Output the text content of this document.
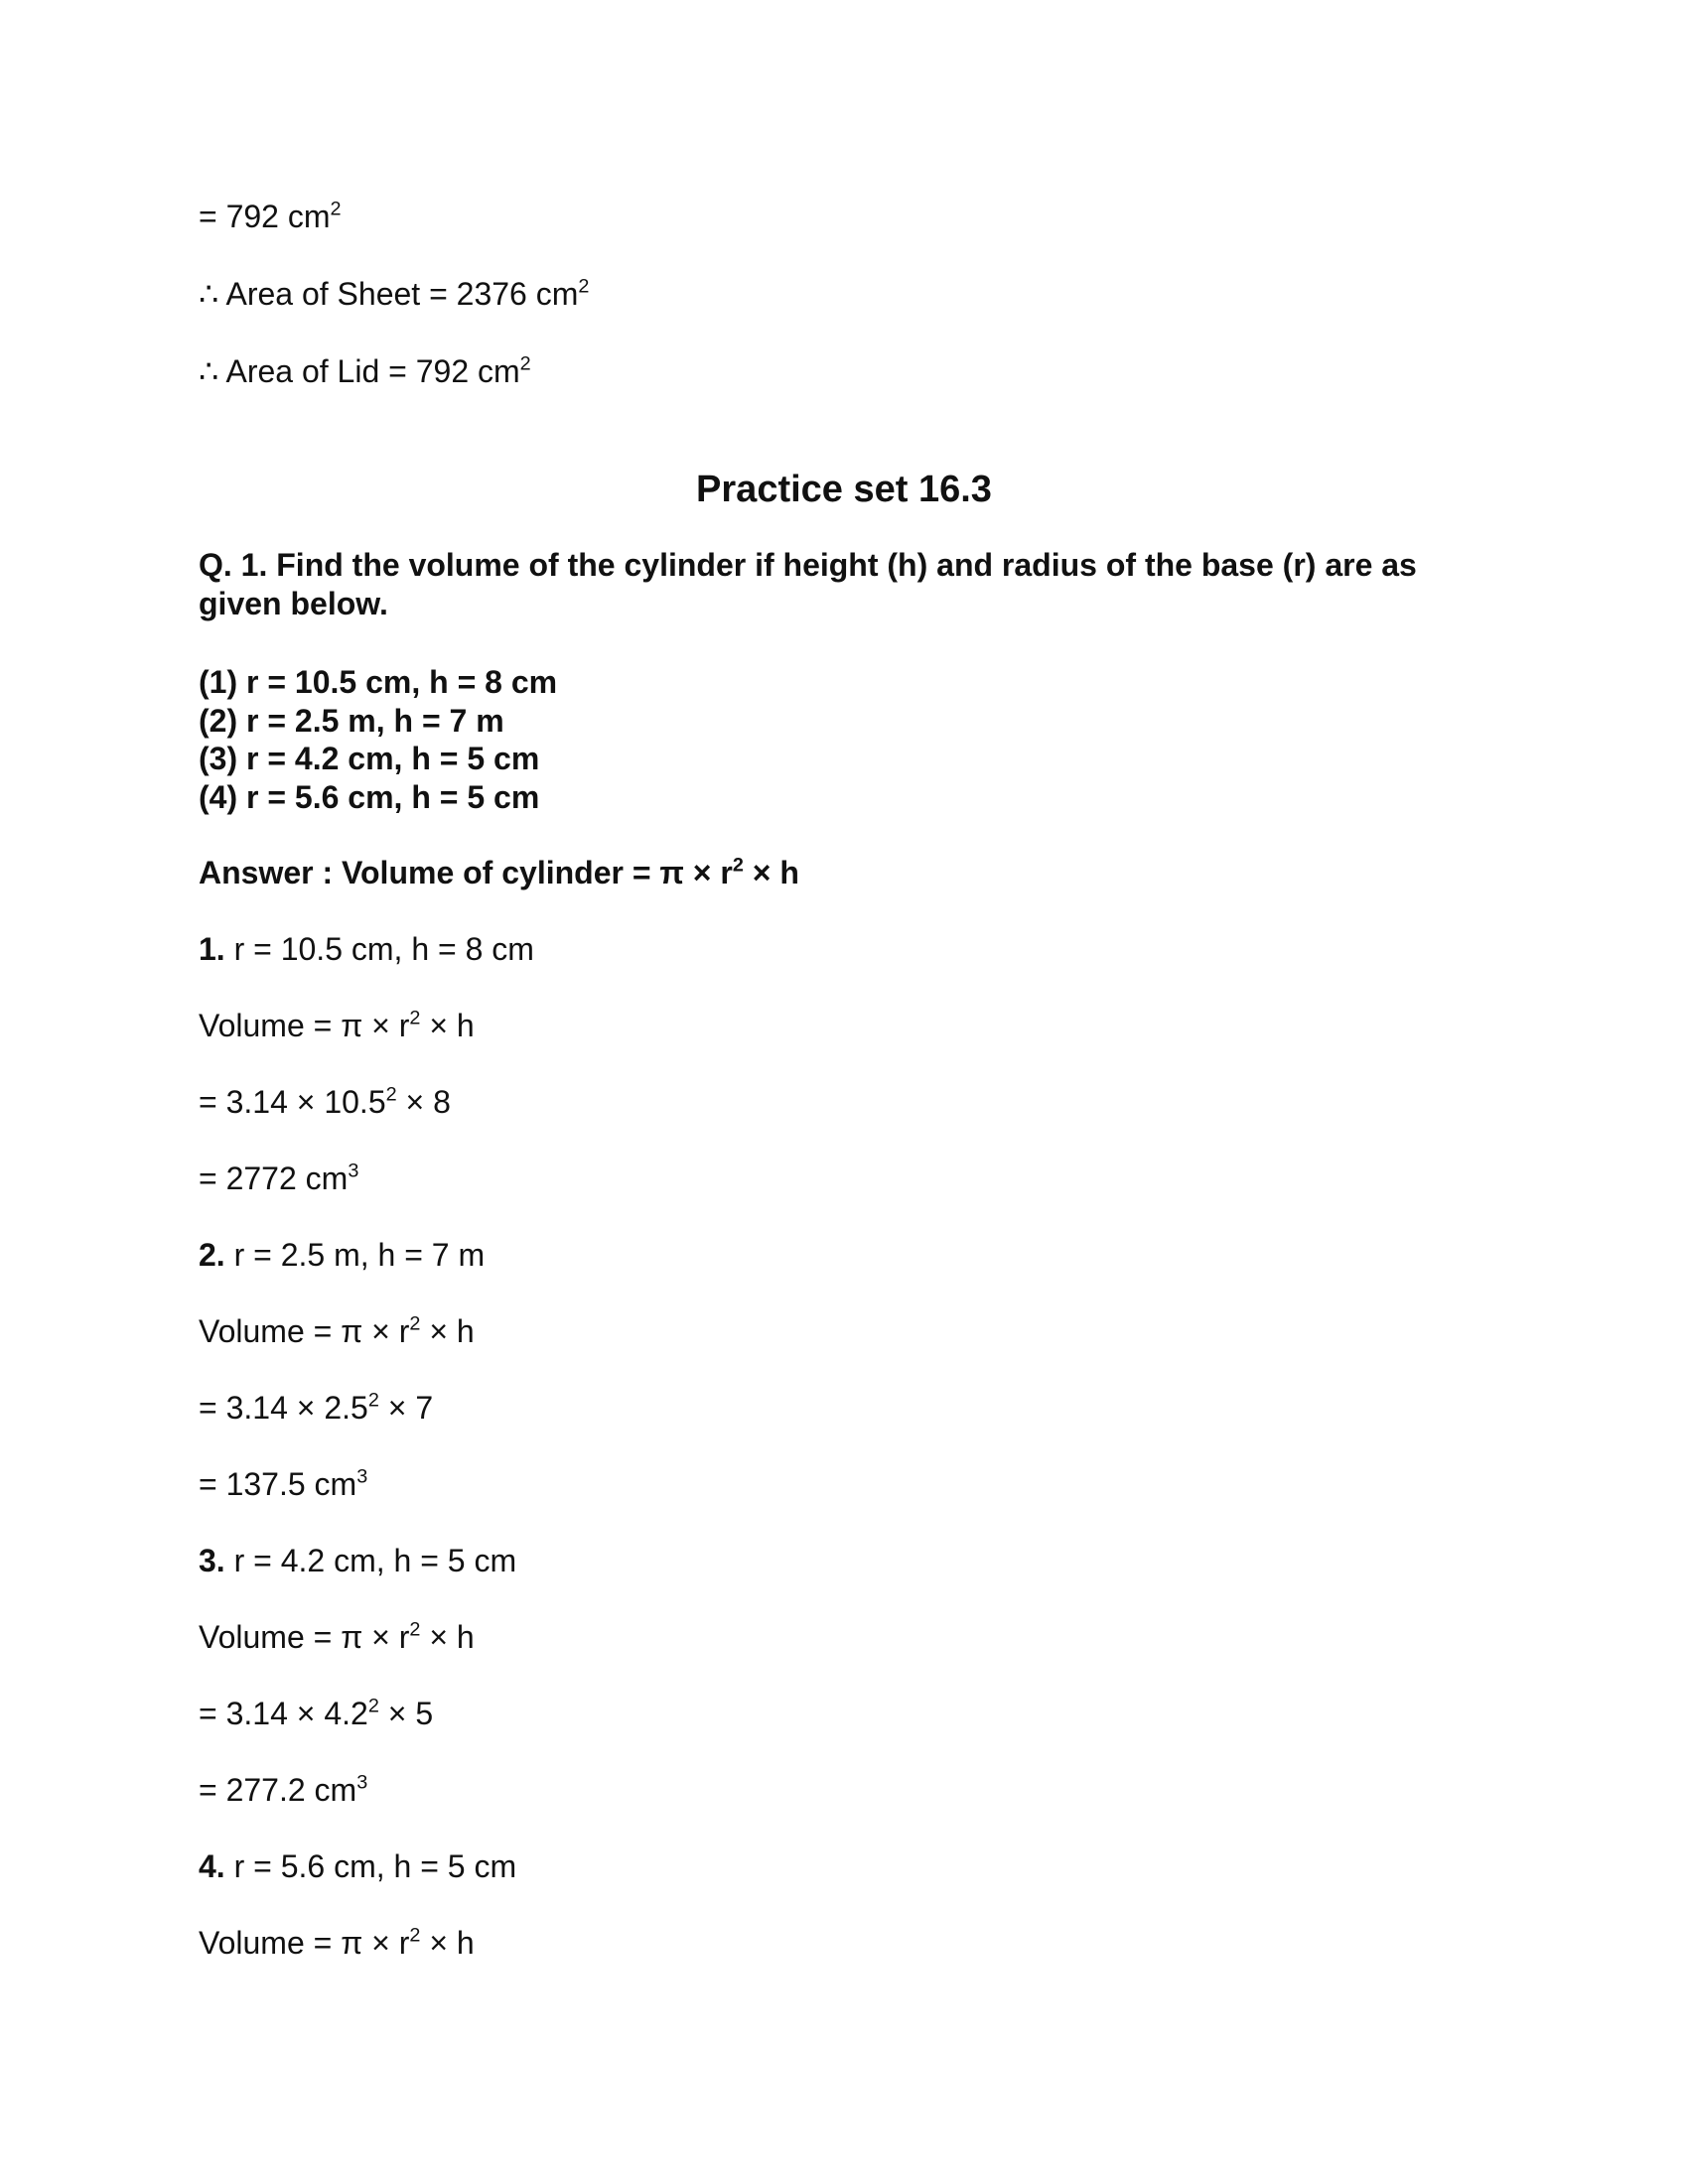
= 792 $cm^2$
∴ Area of Sheet = 2376 $cm^2$
∴ Area of Lid = 792 $cm^2$
Practice set 16.3
Q. 1. Find the volume of the cylinder if height (h) and radius of the base (r) are as given below.
(1) r = 10.5 cm, h = 8 cm
(2) r = 2.5 m, h = 7 m
(3) r = 4.2 cm, h = 5 cm
(4) r = 5.6 cm, h = 5 cm
Answer : Volume of cylinder = $\pi \times r^2 \times h$
1. r = 10.5 cm, h = 8 cm
Volume = $\pi \times r^2 \times h$
= $3.14 \times 10.5^2 \times 8$
= 2772 $cm^3$
2. r = 2.5 m, h = 7 m
Volume = $\pi \times r^2 \times h$
= $3.14 \times 2.5^2 \times 7$
= 137.5 $cm^3$
3. r = 4.2 cm, h = 5 cm
Volume = $\pi \times r^2 \times h$
= $3.14 \times 4.2^2 \times 5$
= 277.2 $cm^3$
4. r = 5.6 cm, h = 5 cm
Volume = $\pi \times r^2 \times h$
